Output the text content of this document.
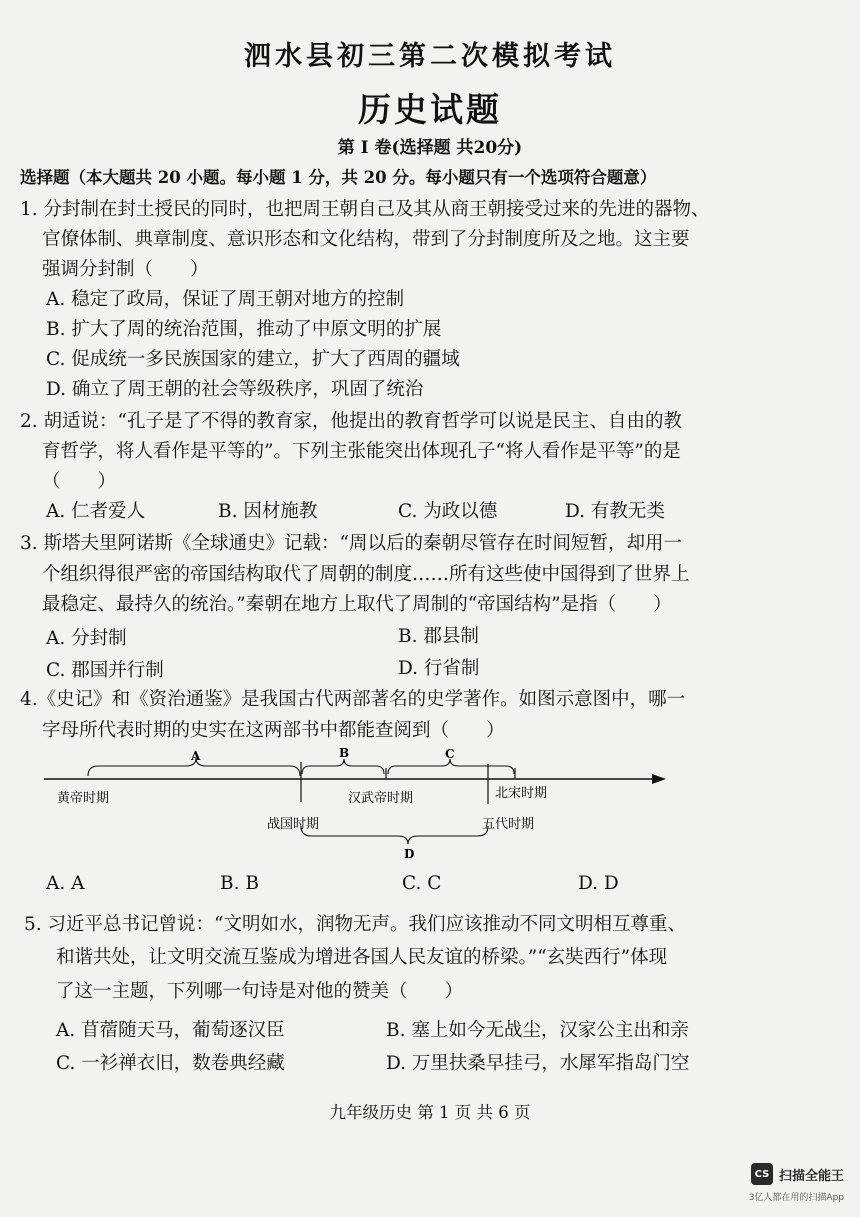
泗水县初三第二次模拟考试
历史试题
第 I 卷(选择题 共20分)
选择题（本大题共 20 小题。每小题 1 分，共 20 分。每小题只有一个选项符合题意）
1. 分封制在封土授民的同时，也把周王朝自己及其从商王朝接受过来的先进的器物、
官僚体制、典章制度、意识形态和文化结构，带到了分封制度所及之地。这主要
强调分封制（　　）
A. 稳定了政局，保证了周王朝对地方的控制
B. 扩大了周的统治范围，推动了中原文明的扩展
C. 促成统一多民族国家的建立，扩大了西周的疆域
D. 确立了周王朝的社会等级秩序，巩固了统治
2. 胡适说：“孔子是了不得的教育家，他提出的教育哲学可以说是民主、自由的教
育哲学，将人看作是平等的”。下列主张能突出体现孔子“将人看作是平等”的是
（　　）
A. 仁者爱人	B. 因材施教	C. 为政以德	D. 有教无类
3. 斯塔夫里阿诺斯《全球通史》记载：“周以后的秦朝尽管存在时间短暂，却用一
个组织得很严密的帝国结构取代了周朝的制度……所有这些使中国得到了世界上
最稳定、最持久的统治。”秦朝在地方上取代了周制的“帝国结构”是指（　　）
A. 分封制	B. 郡县制
C. 郡国并行制	D. 行省制
4.《史记》和《资治通鉴》是我国古代两部著名的史学著作。如图示意图中，哪一
字母所代表时期的史实在这两部书中都能查阅到（　　）
A	B	C
D
黄帝时期
战国时期
汉武帝时期	北宋时期
五代时期
A. A	B. B	C. C	D. D
5. 习近平总书记曾说：“文明如水，润物无声。我们应该推动不同文明相互尊重、
和谐共处，让文明交流互鉴成为增进各国人民友谊的桥梁。”“玄奘西行”体现
了这一主题，下列哪一句诗是对他的赞美（　　）
A. 苜蓿随天马，葡萄逐汉臣	B. 塞上如今无战尘，汉家公主出和亲
C. 一衫禅衣旧，数卷典经藏	D. 万里扶桑早挂弓，水犀军指岛门空
九年级历史 第 1 页 共 6 页
CS 扫描全能王
3亿人都在用的扫描App
